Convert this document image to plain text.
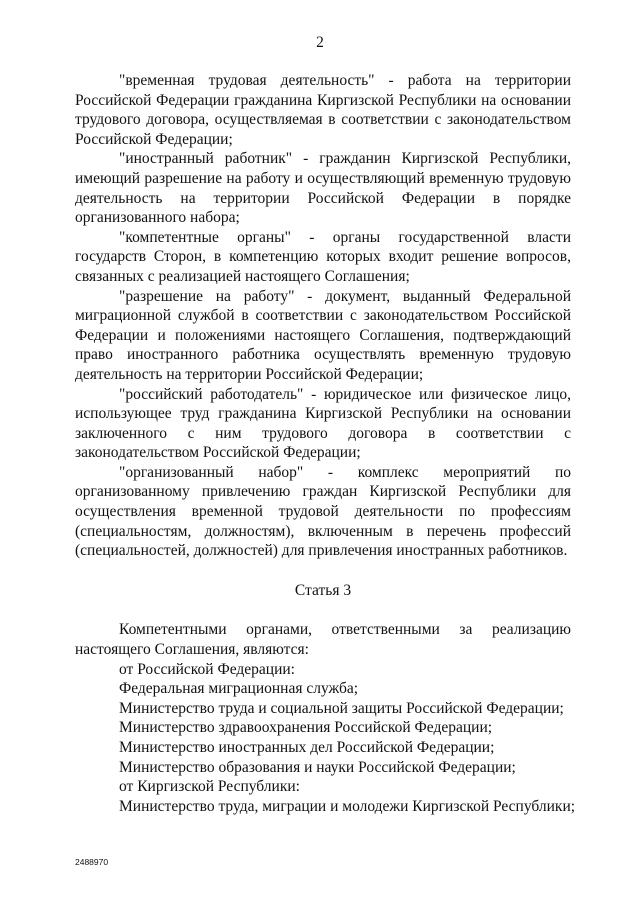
2

"временная трудовая деятельность" - работа на территории Российской Федерации гражданина Киргизской Республики на основании трудового договора, осуществляемая в соответствии с законодательством Российской Федерации;

"иностранный работник" - гражданин Киргизской Республики, имеющий разрешение на работу и осуществляющий временную трудовую деятельность на территории Российской Федерации в порядке организованного набора;

"компетентные органы" - органы государственной власти государств Сторон, в компетенцию которых входит решение вопросов, связанных с реализацией настоящего Соглашения;

"разрешение на работу" - документ, выданный Федеральной миграционной службой в соответствии с законодательством Российской Федерации и положениями настоящего Соглашения, подтверждающий право иностранного работника осуществлять временную трудовую деятельность на территории Российской Федерации;

"российский работодатель" - юридическое или физическое лицо, использующее труд гражданина Киргизской Республики на основании заключенного с ним трудового договора в соответствии с законодательством Российской Федерации;

"организованный набор" - комплекс мероприятий по организованному привлечению граждан Киргизской Республики для осуществления временной трудовой деятельности по профессиям (специальностям, должностям), включенным в перечень профессий (специальностей, должностей) для привлечения иностранных работников.

Статья 3

Компетентными органами, ответственными за реализацию настоящего Соглашения, являются:

от Российской Федерации:

Федеральная миграционная служба;

Министерство труда и социальной защиты Российской Федерации;

Министерство здравоохранения Российской Федерации;

Министерство иностранных дел Российской Федерации;

Министерство образования и науки Российской Федерации;

от Киргизской Республики:

Министерство труда, миграции и молодежи Киргизской Республики;

2488970
